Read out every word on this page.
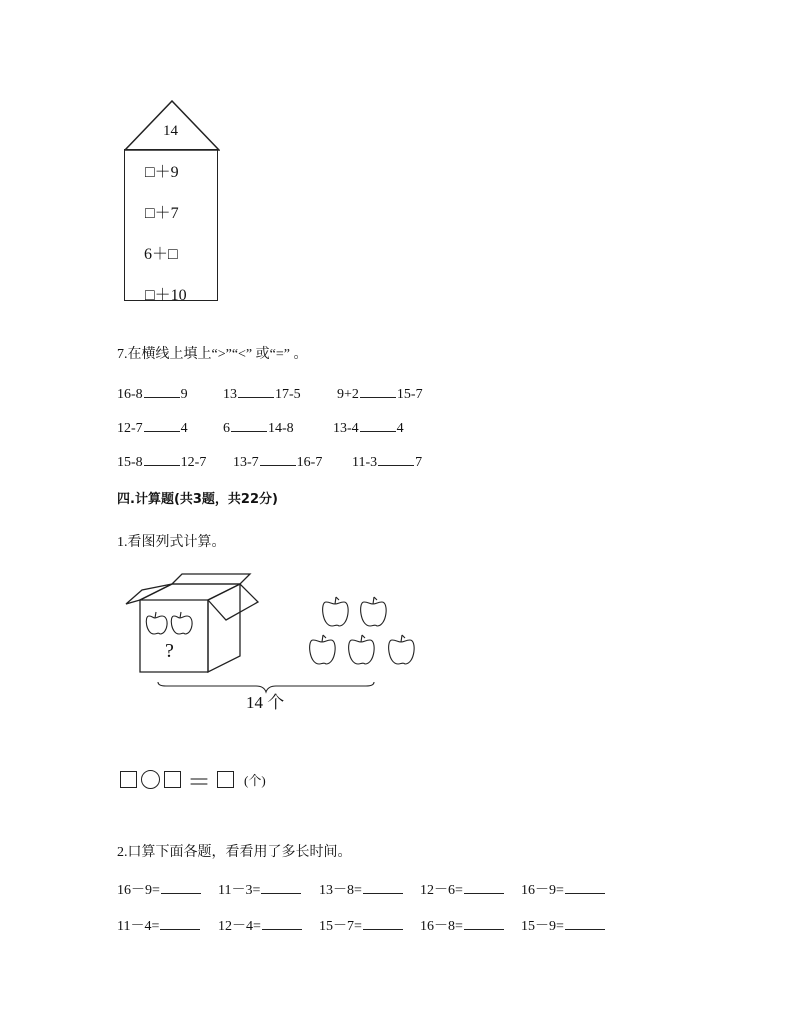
14
□＋9
□＋7
6＋□
□＋10
7.在横线上填上“>”“<” 或“=” 。
16-8	9	13	17-5	9+2	15-7
12-7	4	6	14-8	13-4	4
15-8	12-7 13-7	16-7 11-3	7
四.计算题(共3题，共22分)
1.看图列式计算。
?
14 个
＝	(个)
2.口算下面各题，看看用了多长时间。
16－9=	11－3=	13－8=	12－6=	16－9=
11－4=	12－4=	15－7=	16－8=	15－9=
